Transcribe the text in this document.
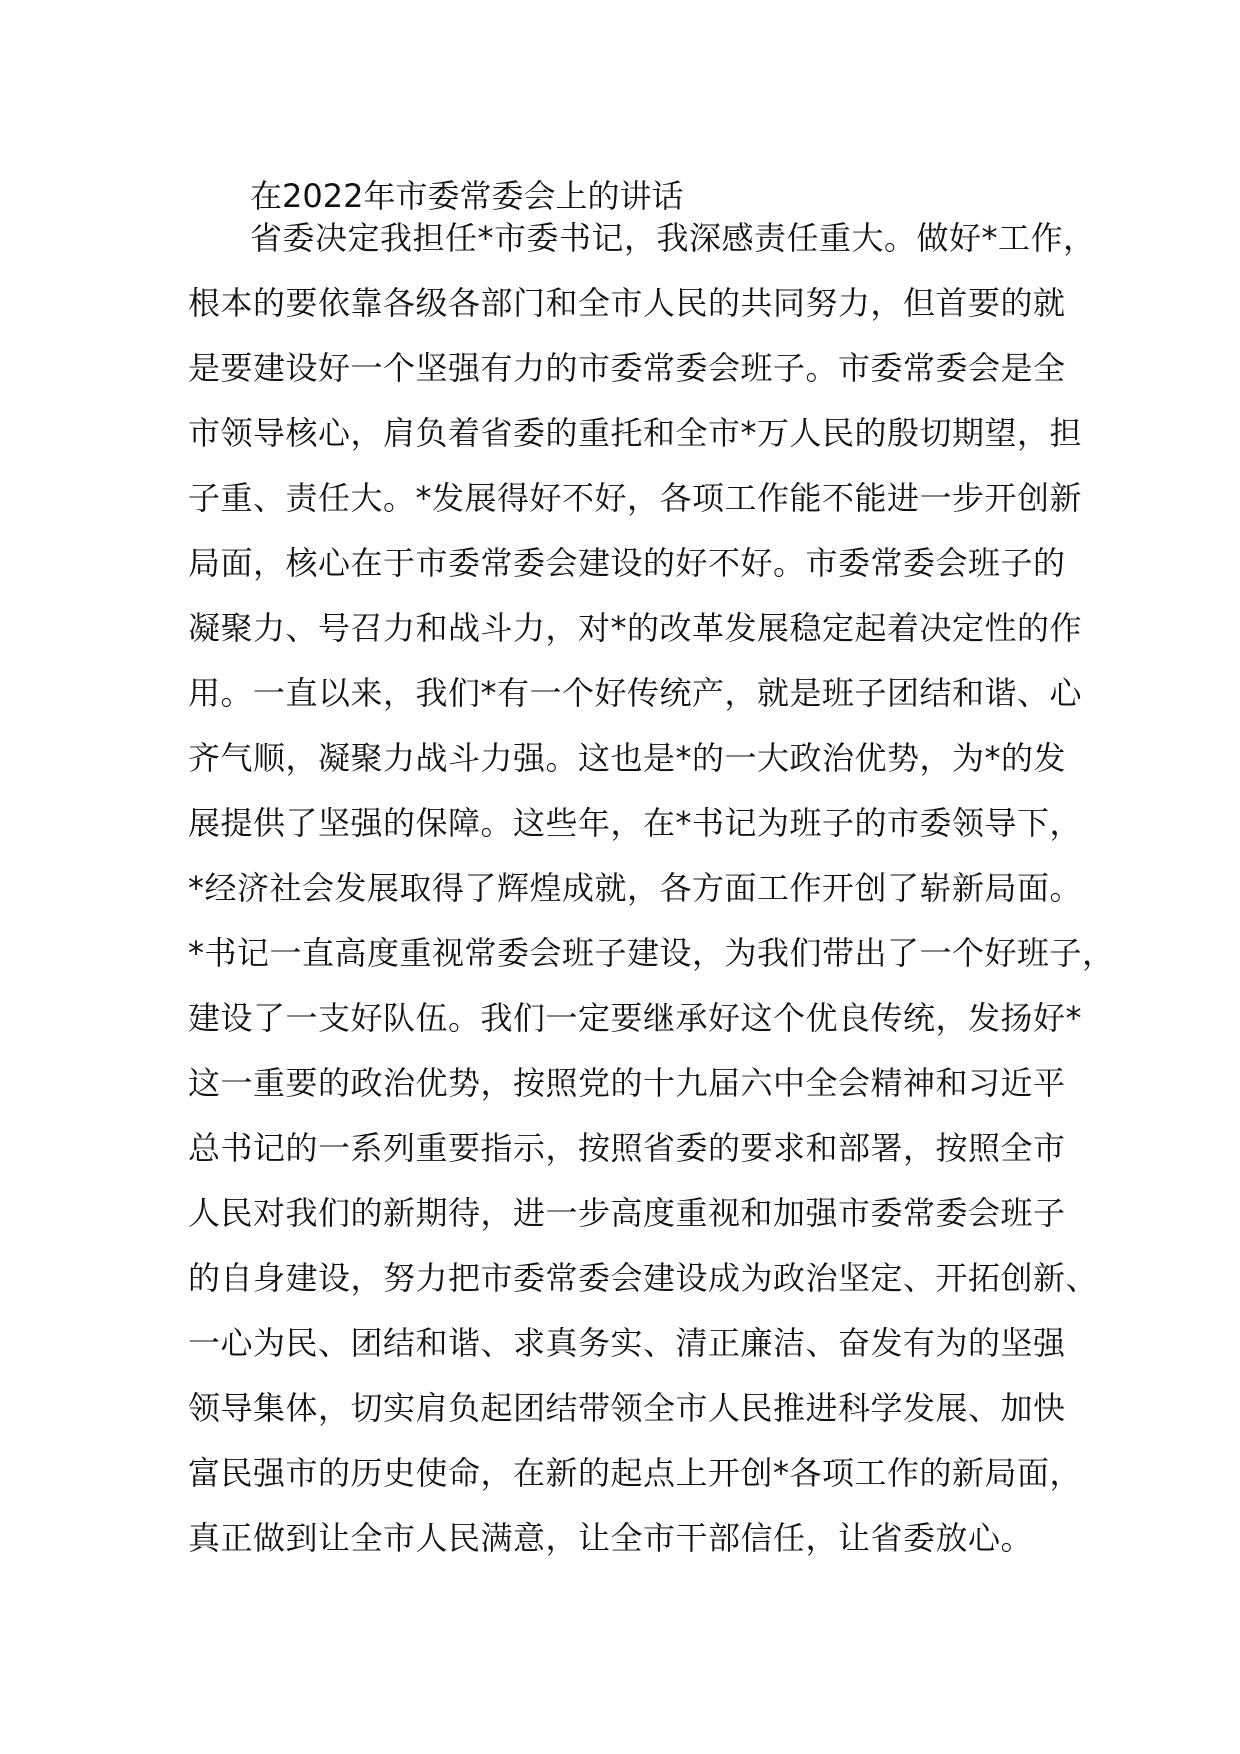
在2022年市委常委会上的讲话
省委决定我担任*市委书记，我深感责任重大。做好*工作，
根本的要依靠各级各部门和全市人民的共同努力，但首要的就
是要建设好一个坚强有力的市委常委会班子。市委常委会是全
市领导核心，肩负着省委的重托和全市*万人民的殷切期望，担
子重、责任大。*发展得好不好，各项工作能不能进一步开创新
局面，核心在于市委常委会建设的好不好。市委常委会班子的
凝聚力、号召力和战斗力，对*的改革发展稳定起着决定性的作
用。一直以来，我们*有一个好传统产，就是班子团结和谐、心
齐气顺，凝聚力战斗力强。这也是*的一大政治优势，为*的发
展提供了坚强的保障。这些年，在*书记为班子的市委领导下，
*经济社会发展取得了辉煌成就，各方面工作开创了崭新局面。
*书记一直高度重视常委会班子建设，为我们带出了一个好班子，
建设了一支好队伍。我们一定要继承好这个优良传统，发扬好*
这一重要的政治优势，按照党的十九届六中全会精神和习近平
总书记的一系列重要指示，按照省委的要求和部署，按照全市
人民对我们的新期待，进一步高度重视和加强市委常委会班子
的自身建设，努力把市委常委会建设成为政治坚定、开拓创新、
一心为民、团结和谐、求真务实、清正廉洁、奋发有为的坚强
领导集体，切实肩负起团结带领全市人民推进科学发展、加快
富民强市的历史使命，在新的起点上开创*各项工作的新局面，
真正做到让全市人民满意，让全市干部信任，让省委放心。
